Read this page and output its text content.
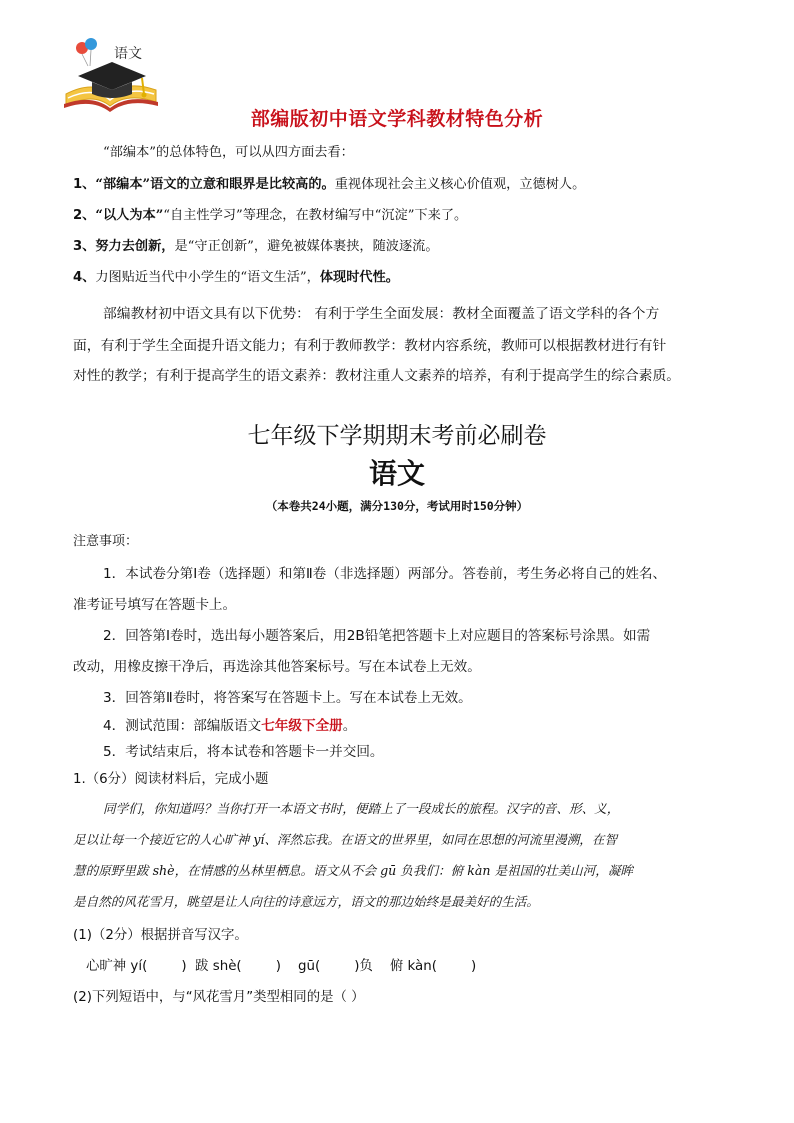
语文
部编版初中语文学科教材特色分析
“部编本”的总体特色，可以从四方面去看：
1、“部编本”语文的立意和眼界是比较高的。重视体现社会主义核心价值观，立德树人。
2、“以人为本”“自主性学习”等理念，在教材编写中“沉淀”下来了。
3、努力去创新，是“守正创新”，避免被媒体裹挟，随波逐流。
4、力图贴近当代中小学生的“语文生活”，体现时代性。
部编教材初中语文具有以下优势： 有利于学生全面发展：教材全面覆盖了语文学科的各个方
面，有利于学生全面提升语文能力；有利于教师教学：教材内容系统，教师可以根据教材进行有针
对性的教学；有利于提高学生的语文素养：教材注重人文素养的培养，有利于提高学生的综合素质。
七年级下学期期末考前必刷卷
语文
（本卷共24小题，满分130分，考试用时150分钟）
注意事项：
1．本试卷分第Ⅰ卷（选择题）和第Ⅱ卷（非选择题）两部分。答卷前，考生务必将自己的姓名、
准考证号填写在答题卡上。
2．回答第Ⅰ卷时，选出每小题答案后，用2B铅笔把答题卡上对应题目的答案标号涂黑。如需
改动，用橡皮擦干净后，再选涂其他答案标号。写在本试卷上无效。
3．回答第Ⅱ卷时，将答案写在答题卡上。写在本试卷上无效。
4．测试范围：部编版语文七年级下全册。
5．考试结束后，将本试卷和答题卡一并交回。
1.（6分）阅读材料后，完成小题
同学们，你知道吗？当你打开一本语文书时，便踏上了一段成长的旅程。汉字的音、形、义，
足以让每一个接近它的人心旷神 yí、浑然忘我。在语文的世界里，如同在思想的河流里漫溯，在智
慧的原野里跋 shè，在情感的丛林里栖息。语文从不会 gū 负我们：俯 kàn 是祖国的壮美山河，凝眸
是自然的风花雪月，眺望是让人向往的诗意远方，语文的那边始终是最美好的生活。
(1)（2分）根据拼音写汉字。
心旷神 yí(        )  跋 shè(        )    gū(        )负    俯 kàn(        )
(2)下列短语中，与“风花雪月”类型相同的是（ ）
